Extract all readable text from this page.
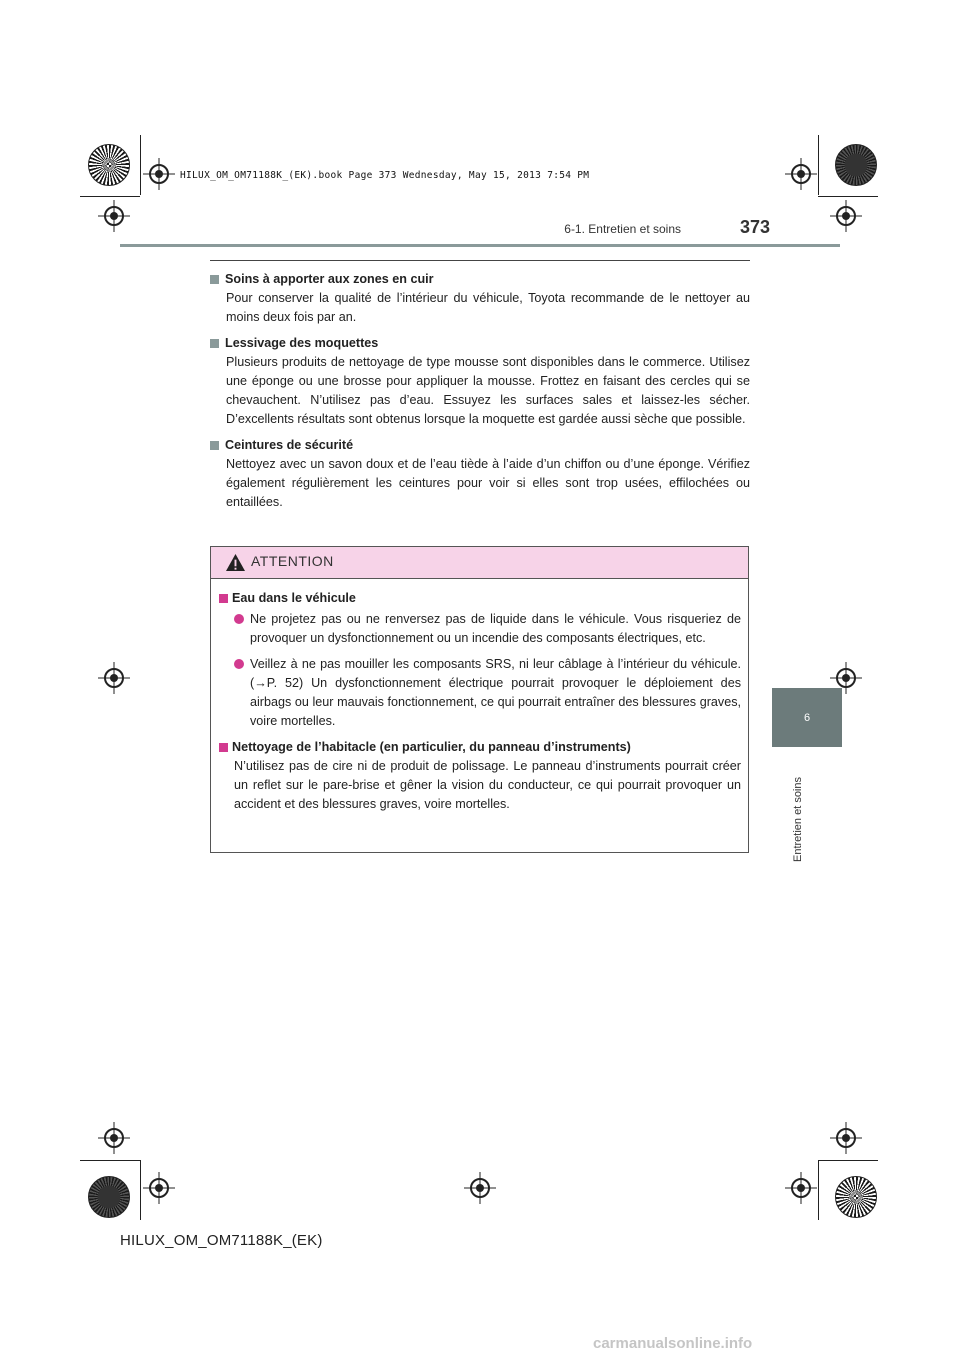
HILUX_OM_OM71188K_(EK).book Page 373 Wednesday, May 15, 2013 7:54 PM
6-1. Entretien et soins	373
6
Entretien et soins
Soins à apporter aux zones en cuir
Pour conserver la qualité de l’intérieur du véhicule, Toyota recommande de le nettoyer au moins deux fois par an.
Lessivage des moquettes
Plusieurs produits de nettoyage de type mousse sont disponibles dans le commerce. Utilisez une éponge ou une brosse pour appliquer la mousse. Frottez en faisant des cercles qui se chevauchent. N’utilisez pas d’eau. Essuyez les surfaces sales et laissez-les sécher. D’excellents résultats sont obtenus lorsque la moquette est gardée aussi sèche que possible.
Ceintures de sécurité
Nettoyez avec un savon doux et de l’eau tiède à l’aide d’un chiffon ou d’une éponge. Vérifiez également régulièrement les ceintures pour voir si elles sont trop usées, effilochées ou entaillées.
ATTENTION
Eau dans le véhicule
Ne projetez pas ou ne renversez pas de liquide dans le véhicule. Vous risqueriez de provoquer un dysfonctionnement ou un incendie des composants électriques, etc.
Veillez à ne pas mouiller les composants SRS, ni leur câblage à l’intérieur du véhicule. (→P. 52) Un dysfonctionnement électrique pourrait provoquer le déploiement des airbags ou leur mauvais fonctionnement, ce qui pourrait entraîner des blessures graves, voire mortelles.
Nettoyage de l’habitacle (en particulier, du panneau d’instruments)
N’utilisez pas de cire ni de produit de polissage. Le panneau d’instruments pourrait créer un reflet sur le pare-brise et gêner la vision du conducteur, ce qui pourrait provoquer un accident et des blessures graves, voire mortelles.
HILUX_OM_OM71188K_(EK)
carmanualsonline.info
